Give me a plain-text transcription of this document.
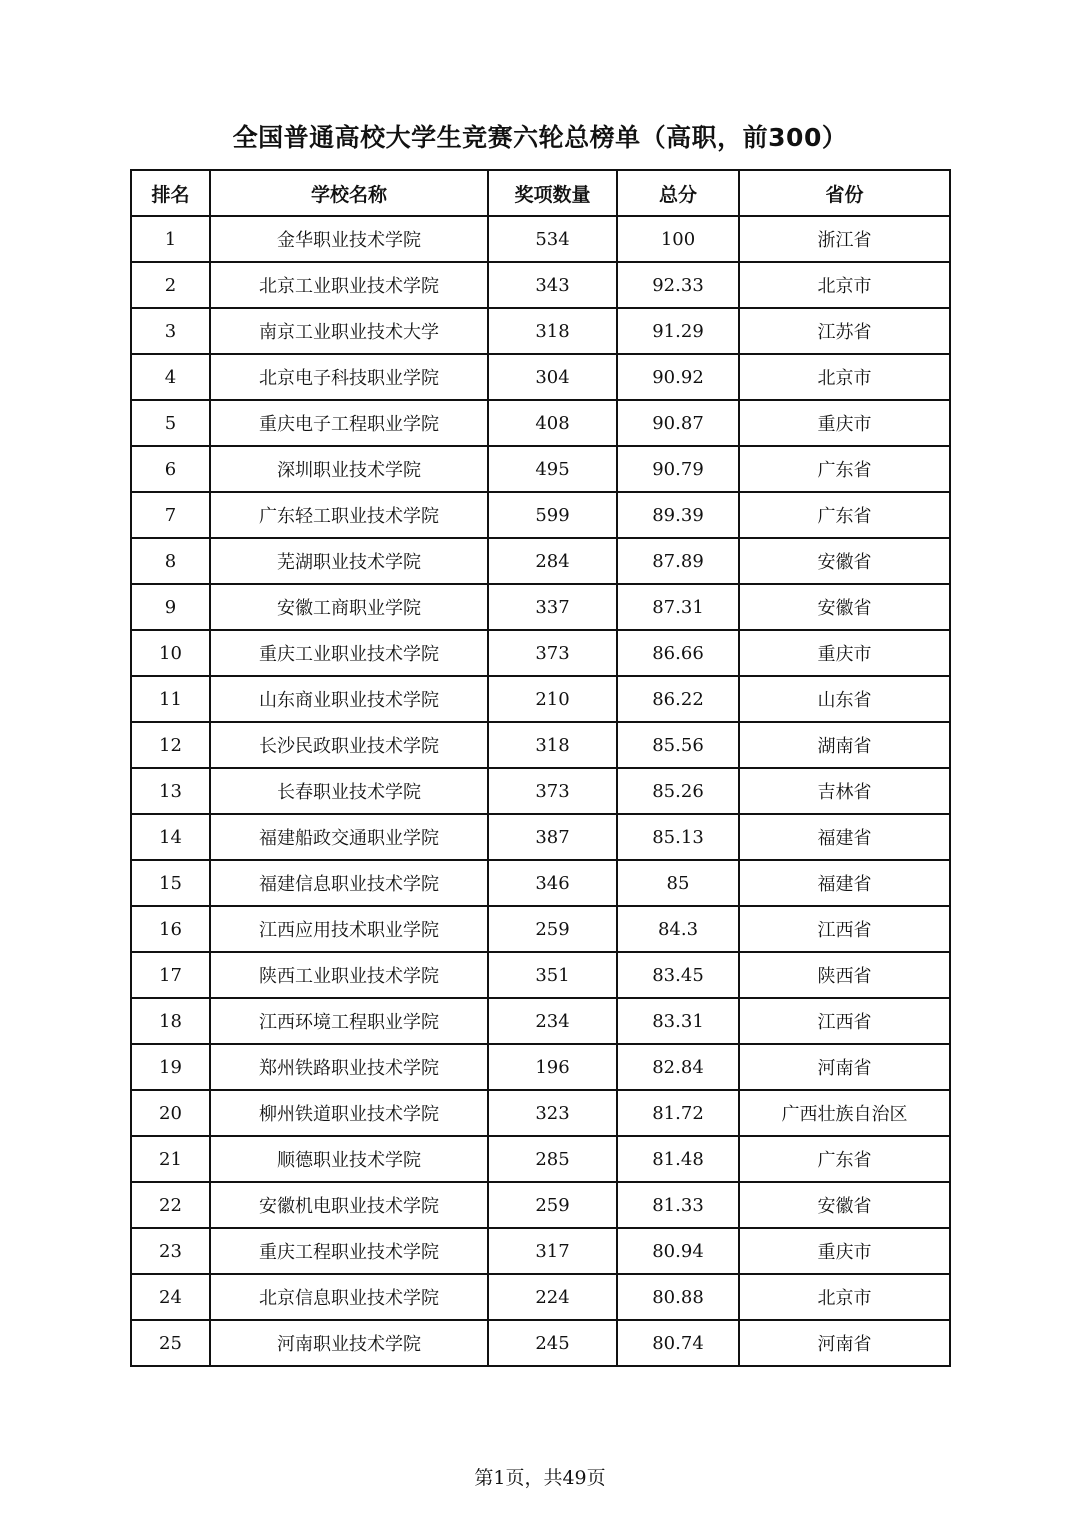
全国普通高校大学生竞赛六轮总榜单（高职，前300）
排名	学校名称	奖项数量	总分	省份
1	金华职业技术学院	534	100	浙江省
2	北京工业职业技术学院	343	92.33	北京市
3	南京工业职业技术大学	318	91.29	江苏省
4	北京电子科技职业学院	304	90.92	北京市
5	重庆电子工程职业学院	408	90.87	重庆市
6	深圳职业技术学院	495	90.79	广东省
7	广东轻工职业技术学院	599	89.39	广东省
8	芜湖职业技术学院	284	87.89	安徽省
9	安徽工商职业学院	337	87.31	安徽省
10	重庆工业职业技术学院	373	86.66	重庆市
11	山东商业职业技术学院	210	86.22	山东省
12	长沙民政职业技术学院	318	85.56	湖南省
13	长春职业技术学院	373	85.26	吉林省
14	福建船政交通职业学院	387	85.13	福建省
15	福建信息职业技术学院	346	85	福建省
16	江西应用技术职业学院	259	84.3	江西省
17	陕西工业职业技术学院	351	83.45	陕西省
18	江西环境工程职业学院	234	83.31	江西省
19	郑州铁路职业技术学院	196	82.84	河南省
20	柳州铁道职业技术学院	323	81.72	广西壮族自治区
21	顺德职业技术学院	285	81.48	广东省
22	安徽机电职业技术学院	259	81.33	安徽省
23	重庆工程职业技术学院	317	80.94	重庆市
24	北京信息职业技术学院	224	80.88	北京市
25	河南职业技术学院	245	80.74	河南省
第1页，共49页
